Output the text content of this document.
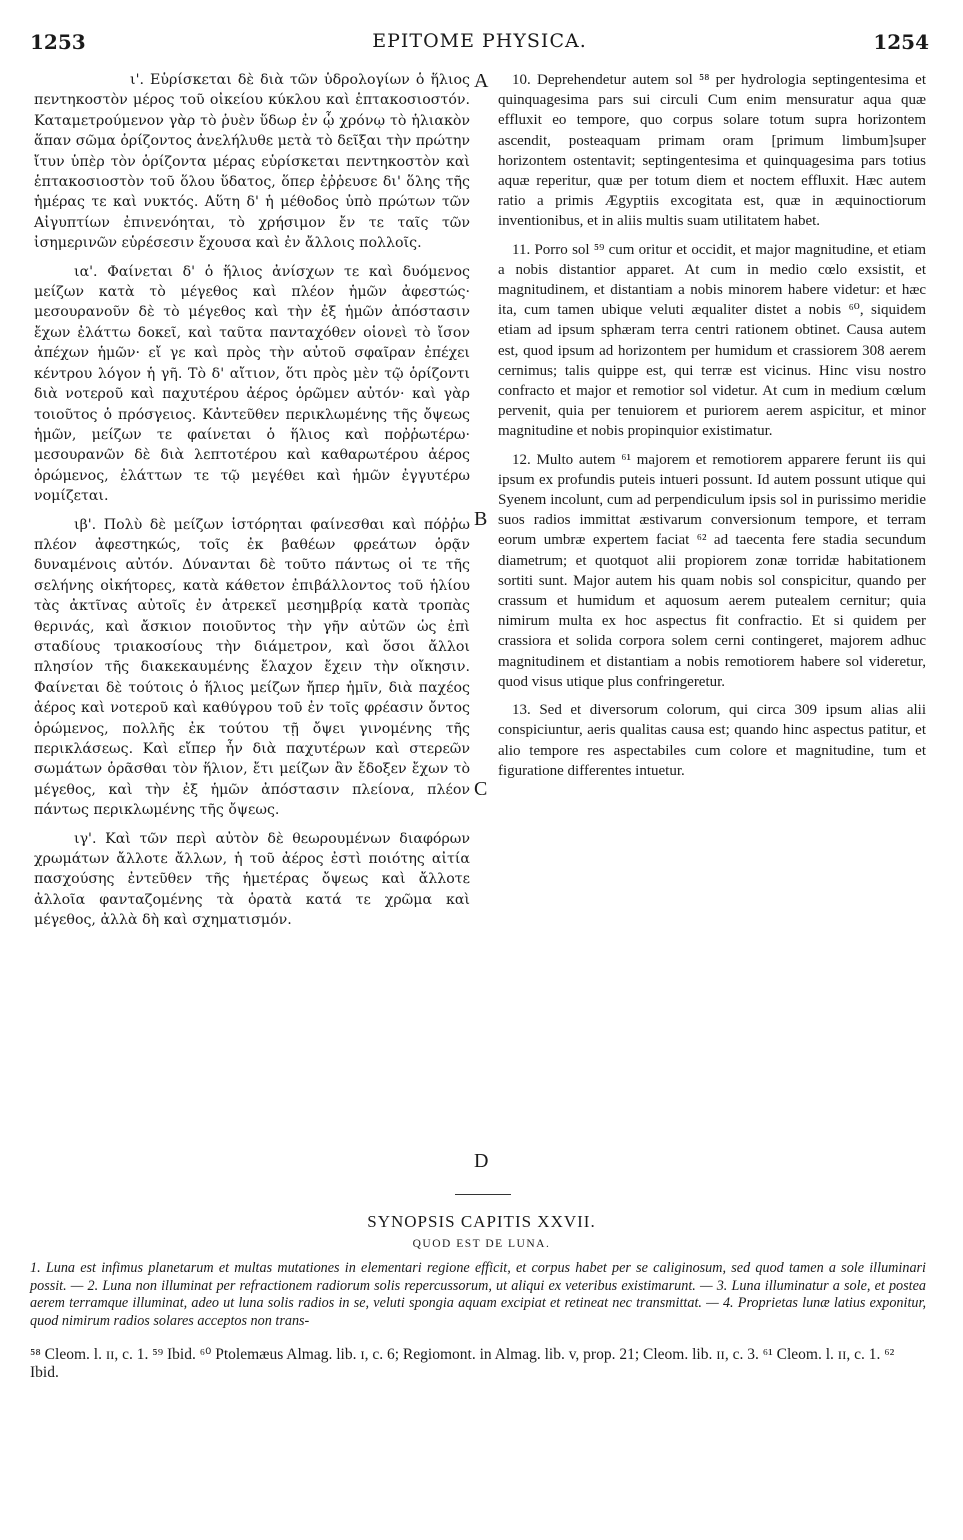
1253	EPITOME PHYSICA.	1254

ι'. Εὑρίσκεται δὲ διὰ τῶν ὑδρολογίων ὁ ἥλιος πεντηκοστὸν μέρος τοῦ οἰκείου κύκλου καὶ ἑπτακοσιοστόν. Καταμετρούμενον γὰρ τὸ ῥυὲν ὕδωρ ἐν ᾧ χρόνῳ τὸ ἡλιακὸν ἅπαν σῶμα ὁρίζοντος ἀνελήλυθε μετὰ τὸ δεῖξαι τὴν πρώτην ἴτυν ὑπὲρ τὸν ὁρίζοντα μέρας εὑρίσκεται πεντηκοστὸν καὶ ἑπτακοσιοστὸν τοῦ ὅλου ὕδατος, ὅπερ ἐῤῥευσε δι' ὅλης τῆς ἡμέρας τε καὶ νυκτός. Αὕτη δ' ἡ μέθοδος ὑπὸ πρώτων τῶν Αἰγυπτίων ἐπινενόηται, τὸ χρήσιμον ἔν τε ταῖς τῶν ἰσημερινῶν εὑρέσεσιν ἔχουσα καὶ ἐν ἄλλοις πολλοῖς.

ια'. Φαίνεται δ' ὁ ἥλιος ἀνίσχων τε καὶ δυόμενος μείζων κατὰ τὸ μέγεθος καὶ πλέον ἡμῶν ἀφεστώς· μεσουρανοῦν δὲ τὸ μέγεθος καὶ τὴν ἐξ ἡμῶν ἀπόστασιν ἔχων ἐλάττω δοκεῖ, καὶ ταῦτα πανταχόθεν οἱονεὶ τὸ ἴσον ἀπέχων ἡμῶν· εἴ γε καὶ πρὸς τὴν αὐτοῦ σφαῖραν ἐπέχει κέντρου λόγον ἡ γῆ. Τὸ δ' αἴτιον, ὅτι πρὸς μὲν τῷ ὁρίζοντι διὰ νοτεροῦ καὶ παχυτέρου ἀέρος ὁρῶμεν αὐτόν· καὶ γὰρ τοιοῦτος ὁ πρόσγειος. Κἀντεῦθεν περικλωμένης τῆς ὄψεως ἡμῶν, μείζων τε φαίνεται ὁ ἥλιος καὶ ποῤῥωτέρω· μεσουρανῶν δὲ διὰ λεπτοτέρου καὶ καθαρωτέρου ἀέρος ὁρώμενος, ἐλάττων τε τῷ μεγέθει καὶ ἡμῶν ἐγγυτέρω νομίζεται.

ιβ'. Πολὺ δὲ μείζων ἱστόρηται φαίνεσθαι καὶ πόῤῥω πλέον ἀφεστηκώς, τοῖς ἐκ βαθέων φρεάτων ὁρᾷν δυναμένοις αὐτόν. Δύνανται δὲ τοῦτο πάντως οἱ τε τῆς σελήνης οἰκήτορες, κατὰ κάθετον ἐπιβάλλοντος τοῦ ἡλίου τὰς ἀκτῖνας αὐτοῖς ἐν ἀτρεκεῖ μεσημβρίᾳ κατὰ τροπὰς θερινάς, καὶ ἄσκιον ποιοῦντος τὴν γῆν αὐτῶν ὡς ἐπὶ σταδίους τριακοσίους τὴν διάμετρον, καὶ ὅσοι ἄλλοι πλησίον τῆς διακεκαυμένης ἔλαχον ἔχειν τὴν οἴκησιν. Φαίνεται δὲ τούτοις ὁ ἥλιος μείζων ἤπερ ἡμῖν, διὰ παχέος ἀέρος καὶ νοτεροῦ καὶ καθύγρου τοῦ ἐν τοῖς φρέασιν ὄντος ὁρώμενος, πολλῆς ἐκ τούτου τῇ ὄψει γινομένης τῆς περικλάσεως. Καὶ εἴπερ ἦν διὰ παχυτέρων καὶ στερεῶν σωμάτων ὁρᾶσθαι τὸν ἥλιον, ἔτι μείζων ἂν ἔδοξεν ἔχων τὸ μέγεθος, καὶ τὴν ἐξ ἡμῶν ἀπόστασιν πλείονα, πλέον πάντως περικλωμένης τῆς ὄψεως.

ιγ'. Καὶ τῶν περὶ αὐτὸν δὲ θεωρουμένων διαφόρων χρωμάτων ἄλλοτε ἄλλων, ἡ τοῦ ἀέρος ἐστὶ ποιότης αἰτία πασχούσης ἐντεῦθεν τῆς ἡμετέρας ὄψεως καὶ ἄλλοτε ἀλλοῖα φανταζομένης τὰ ὁρατὰ κατά τε χρῶμα καὶ μέγεθος, ἀλλὰ δὴ καὶ σχηματισμόν.

A
B
C
D

10. Deprehendetur autem sol ⁵⁸ per hydrologia septingentesima et quinquagesima pars sui circuli Cum enim mensuratur aqua quæ effluxit eo tempore, quo corpus solare totum supra horizontem ascendit, posteaquam primam oram [primum limbum]super horizontem ostentavit; septingentesima et quinquagesima pars totius aquæ reperitur, quæ per totum diem et noctem effluxit. Hæc autem ratio a primis Ægyptiis excogitata est, quæ in æquinoctiorum inventionibus, et in aliis multis suam utilitatem habet.

11. Porro sol ⁵⁹ cum oritur et occidit, et major magnitudine, et etiam a nobis distantior apparet. At cum in medio cœlo exsistit, et magnitudinem, et distantiam a nobis minorem habere videtur: et hæc ita, cum tamen ubique veluti æqualiter distet a nobis ⁶⁰, siquidem etiam ad ipsum sphæram terra centri rationem obtinet. Causa autem est, quod ipsum ad horizontem per humidum et crassiorem 308 aerem cernimus; talis quippe est, qui terræ est vicinus. Hinc visu nostro confracto et major et remotior sol videtur. At cum in medium cœlum pervenit, quia per tenuiorem et puriorem aerem aspicitur, et minor magnitudine et nobis propinquior existimatur.

12. Multo autem ⁶¹ majorem et remotiorem apparere ferunt iis qui ipsum ex profundis puteis intueri possunt. Id autem possunt utique qui Syenem incolunt, cum ad perpendiculum ipsis sol in purissimo meridie suos radios immittat æstivarum conversionum tempore, et terram eorum umbræ expertem faciat ⁶² ad taecenta fere stadia secundum diametrum; et quotquot alii propiorem zonæ torridæ habitationem sortiti sunt. Major autem his quam nobis sol conspicitur, quando per crassum et humidum et aquosum aerem putealem cernitur; quia nimirum multa ex hoc aspectus fit confractio. Et si quidem per crassiora et solida corpora solem cerni contingeret, majorem adhuc magnitudinem et distantiam a nobis remotiorem habere sol videretur, quod visus utique plus confringeretur.

13. Sed et diversorum colorum, qui circa 309 ipsum alias alii conspiciuntur, aeris qualitas causa est; quando hinc aspectus patitur, et alio tempore res aspectabiles cum colore et magnitudine, tum et figuratione differentes intuetur.

SYNOPSIS CAPITIS XXVII.
QUOD EST DE LUNA.
1. Luna est infimus planetarum et multas mutationes in elementari regione efficit, et corpus habet per se caliginosum, sed quod tamen a sole illuminari possit. — 2. Luna non illuminat per refractionem radiorum solis repercussorum, ut aliqui ex veteribus existimarunt. — 3. Luna illuminatur a sole, et postea aerem terramque illuminat, adeo ut luna solis radios in se, veluti spongia aquam excipiat et retineat nec transmittat. — 4. Proprietas lunæ latius exponitur, quod nimirum radios solares acceptos non trans-
⁵⁸ Cleom. l. ɪɪ, c. 1. ⁵⁹ Ibid. ⁶⁰ Ptolemæus Almag. lib. ɪ, c. 6; Regiomont. in Almag. lib. v, prop. 21; Cleom. lib. ɪɪ, c. 3. ⁶¹ Cleom. l. ɪɪ, c. 1. ⁶² Ibid.
